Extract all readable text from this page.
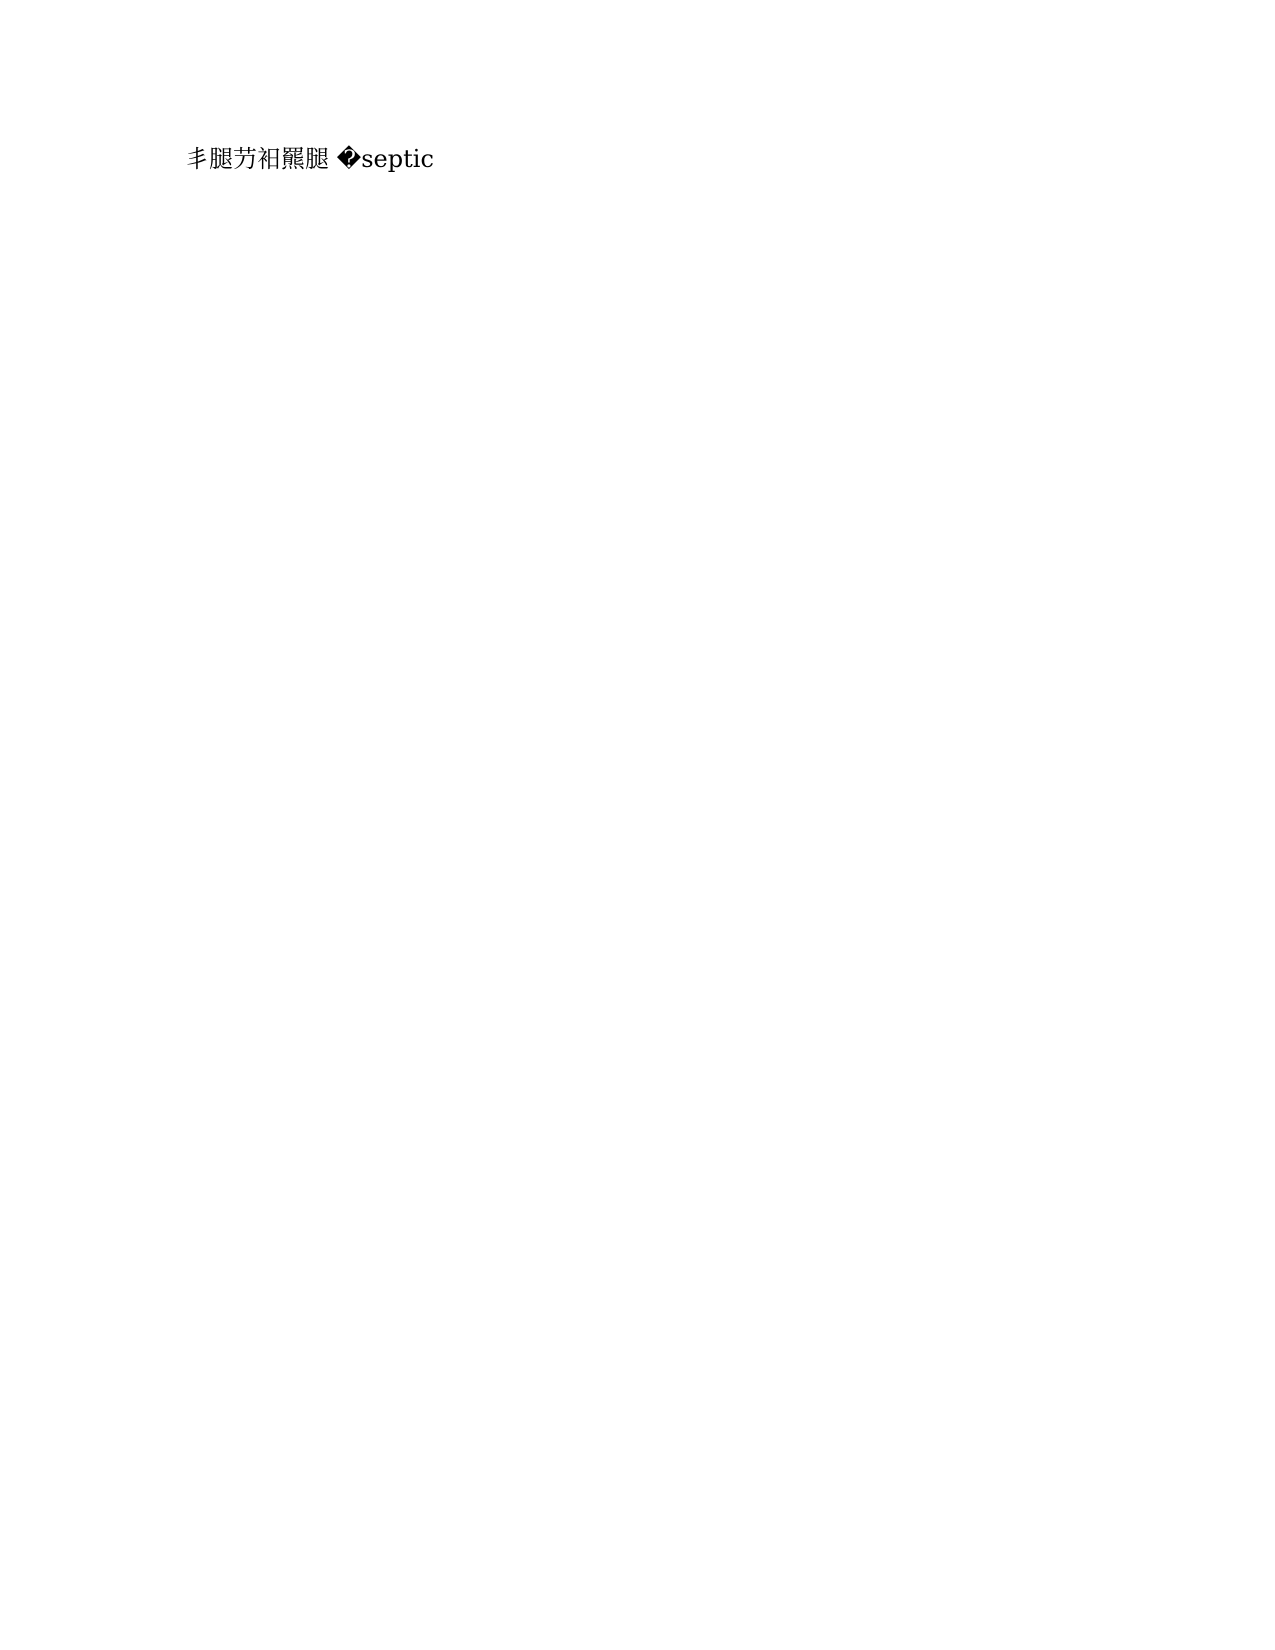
丯腿芀衵羆腿 �septic
